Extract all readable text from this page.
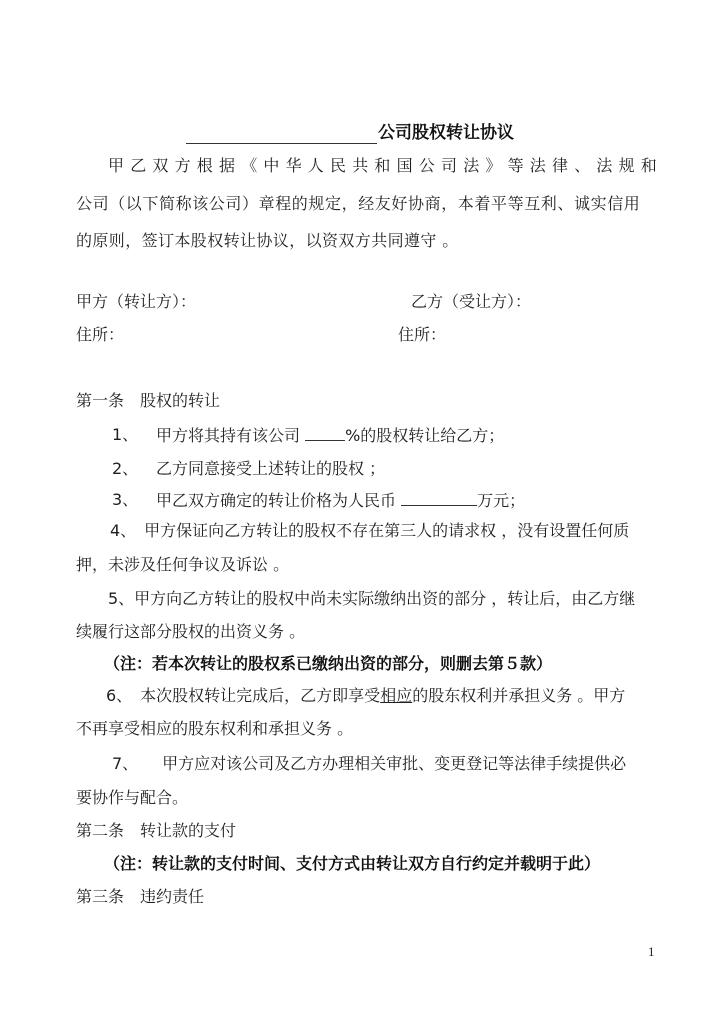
公司股权转让协议
甲乙双方根据《中华人民共和国公司法》等法律、法规和
公司（以下简称该公司）章程的规定，经友好协商，本着平等互利、诚实信用
的原则，签订本股权转让协议，以资双方共同遵守 。
甲方（转让方）：	乙方（受让方）：
住所：	住所：
第一条　股权的转让
1、 甲方将其持有该公司	%的股权转让给乙方；
2、 乙方同意接受上述转让的股权 ；
3、 甲乙双方确定的转让价格为人民币	万元；
4、　甲方保证向乙方转让的股权不存在第三人的请求权 ，没有设置任何质
押，未涉及任何争议及诉讼 。
5、甲方向乙方转让的股权中尚未实际缴纳出资的部分 ，转让后，由乙方继
续履行这部分股权的出资义务 。
（注：若本次转让的股权系已缴纳出资的部分，则删去第５款）
6、　本次股权转让完成后，乙方即享受相应的股东权利并承担义务 。甲方
不再享受相应的股东权利和承担义务 。
7、　　甲方应对该公司及乙方办理相关审批、变更登记等法律手续提供必
要协作与配合。
第二条　转让款的支付
（注：转让款的支付时间、支付方式由转让双方自行约定并载明于此）
第三条　违约责任
1
